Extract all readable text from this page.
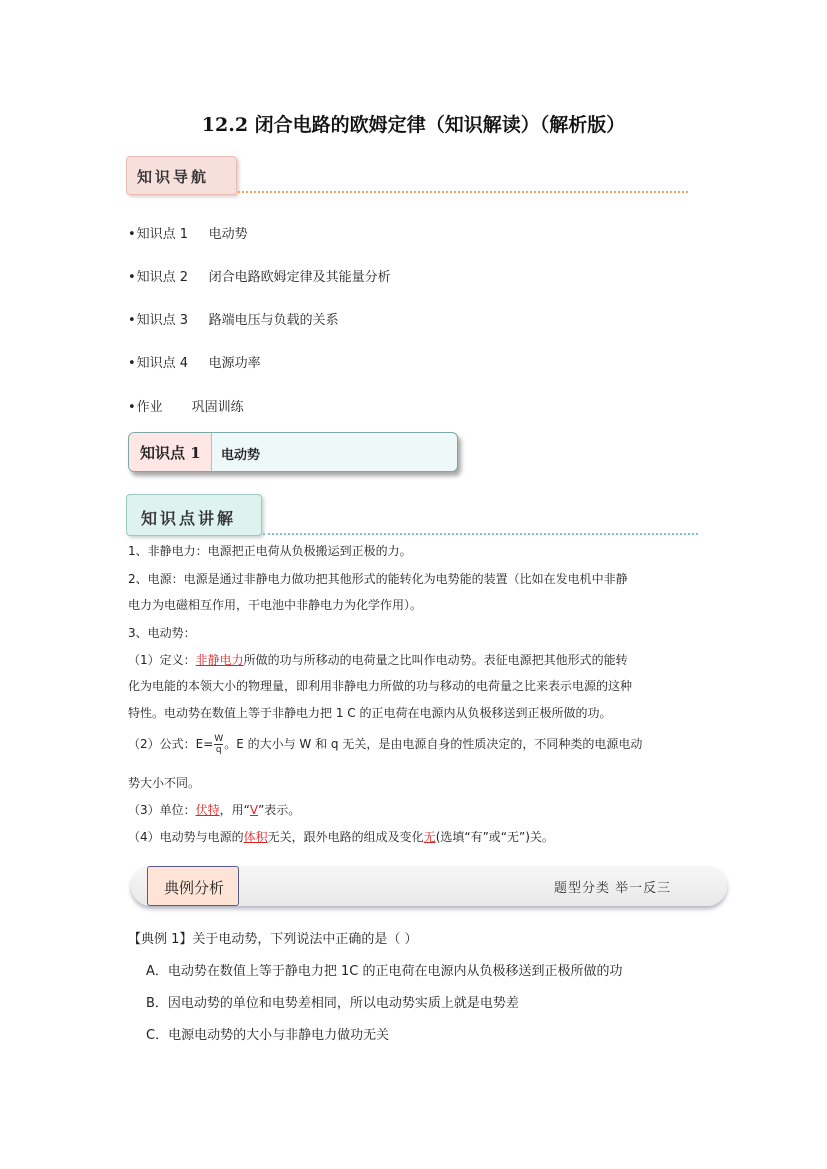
12.2 闭合电路的欧姆定律（知识解读）（解析版）
知识导航
•知识点 1 电动势
•知识点 2 闭合电路欧姆定律及其能量分析
•知识点 3 路端电压与负载的关系
•知识点 4 电源功率
•作业 巩固训练
知识点 1	电动势
知识点讲解
1、非静电力：电源把正电荷从负极搬运到正极的力。
2、电源：电源是通过非静电力做功把其他形式的能转化为电势能的装置（比如在发电机中非静
电力为电磁相互作用，干电池中非静电力为化学作用）。
3、电动势：
（1）定义：非静电力所做的功与所移动的电荷量之比叫作电动势。表征电源把其他形式的能转
化为电能的本领大小的物理量，即利用非静电力所做的功与移动的电荷量之比来表示电源的这种
特性。电动势在数值上等于非静电力把 1 C 的正电荷在电源内从负极移送到正极所做的功。
（2）公式：$E= \frac{W}{q}$ 。E 的大小与 W 和 q 无关，是由电源自身的性质决定的，不同种类的电源电动
势大小不同。
（3）单位：伏特，用“V”表示。
（4）电动势与电源的体积无关，跟外电路的组成及变化无(选填“有”或“无”)关。
典例分析	题型分类 举一反三
【典例 1】关于电动势，下列说法中正确的是（ ）
A．电动势在数值上等于静电力把 1C 的正电荷在电源内从负极移送到正极所做的功
B．因电动势的单位和电势差相同，所以电动势实质上就是电势差
C．电源电动势的大小与非静电力做功无关
